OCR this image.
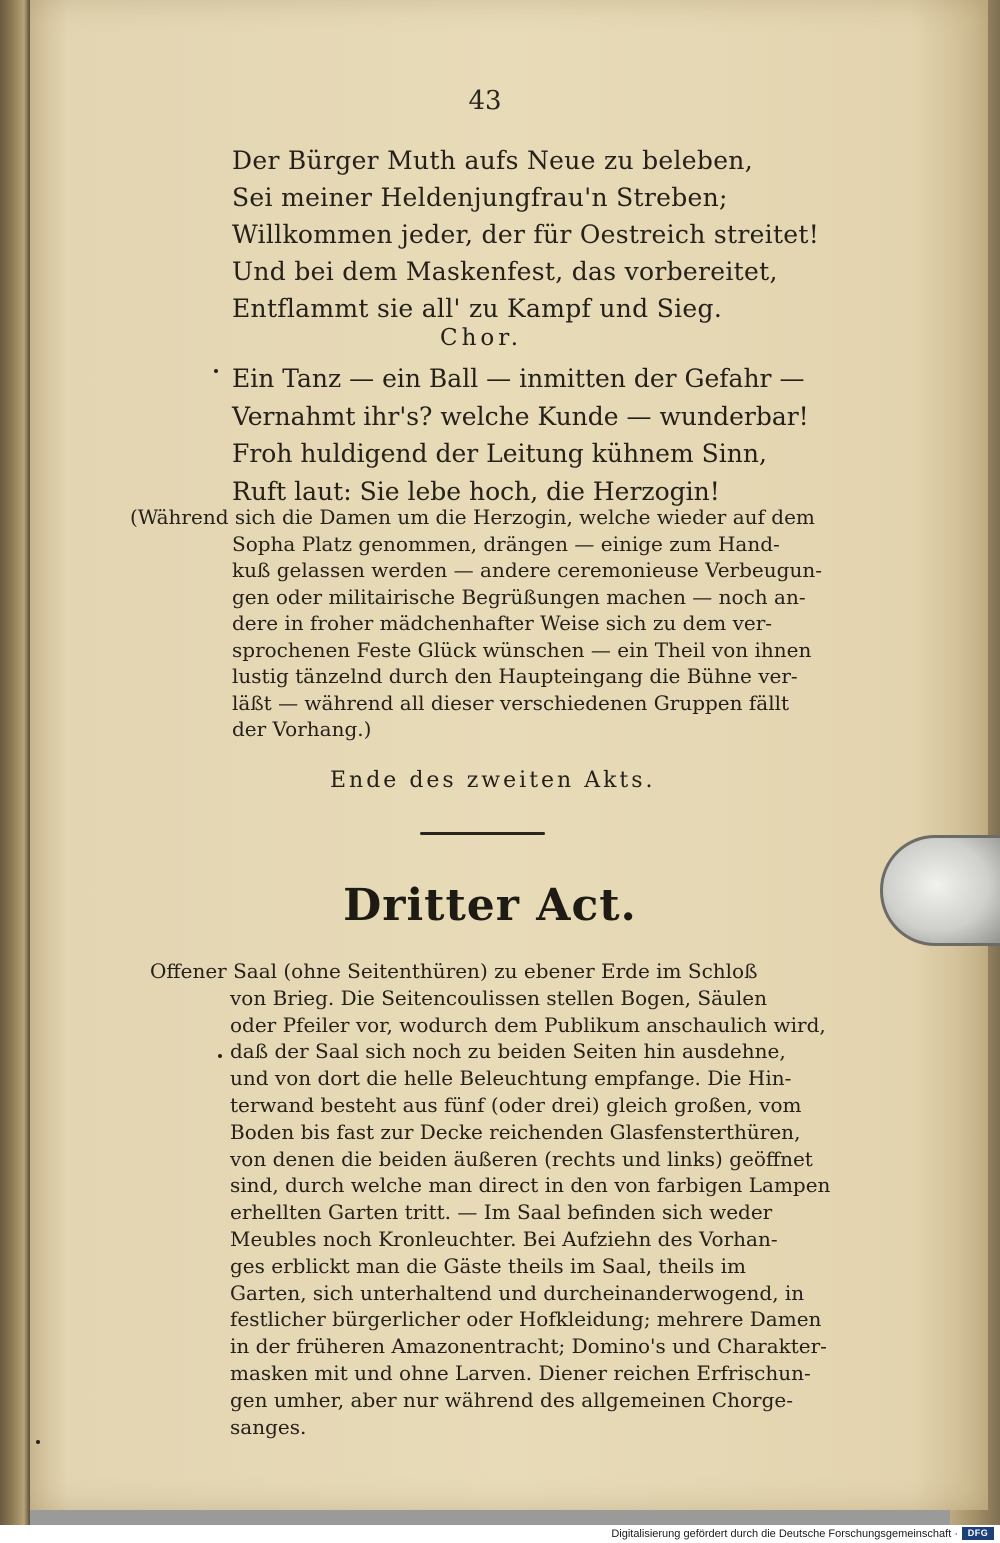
43
Der Bürger Muth aufs Neue zu beleben,
Sei meiner Heldenjungfrau'n Streben;
Willkommen jeder, der für Oestreich streitet!
Und bei dem Maskenfest, das vorbereitet,
Entflammt sie all' zu Kampf und Sieg.
Chor.
Ein Tanz — ein Ball — inmitten der Gefahr —
Vernahmt ihr's? welche Kunde — wunderbar!
Froh huldigend der Leitung kühnem Sinn,
Ruft laut: Sie lebe hoch, die Herzogin!
(Während sich die Damen um die Herzogin, welche wieder auf dem
Sopha Platz genommen, drängen — einige zum Hand-
kuß gelassen werden — andere ceremonieuse Verbeugun-
gen oder militairische Begrüßungen machen — noch an-
dere in froher mädchenhafter Weise sich zu dem ver-
sprochenen Feste Glück wünschen — ein Theil von ihnen
lustig tänzelnd durch den Haupteingang die Bühne ver-
läßt — während all dieser verschiedenen Gruppen fällt
der Vorhang.)
Ende des zweiten Akts.
Dritter Act.
Offener Saal (ohne Seitenthüren) zu ebener Erde im Schloß
von Brieg. Die Seitencoulissen stellen Bogen, Säulen
oder Pfeiler vor, wodurch dem Publikum anschaulich wird,
daß der Saal sich noch zu beiden Seiten hin ausdehne,
und von dort die helle Beleuchtung empfange. Die Hin-
terwand besteht aus fünf (oder drei) gleich großen, vom
Boden bis fast zur Decke reichenden Glasfensterthüren,
von denen die beiden äußeren (rechts und links) geöffnet
sind, durch welche man direct in den von farbigen Lampen
erhellten Garten tritt. — Im Saal befinden sich weder
Meubles noch Kronleuchter. Bei Aufziehn des Vorhan-
ges erblickt man die Gäste theils im Saal, theils im
Garten, sich unterhaltend und durcheinanderwogend, in
festlicher bürgerlicher oder Hofkleidung; mehrere Damen
in der früheren Amazonentracht; Domino's und Charakter-
masken mit und ohne Larven. Diener reichen Erfrischun-
gen umher, aber nur während des allgemeinen Chorge-
sanges.
Digitalisierung gefördert durch die Deutsche Forschungsgemeinschaft ·	DFG
